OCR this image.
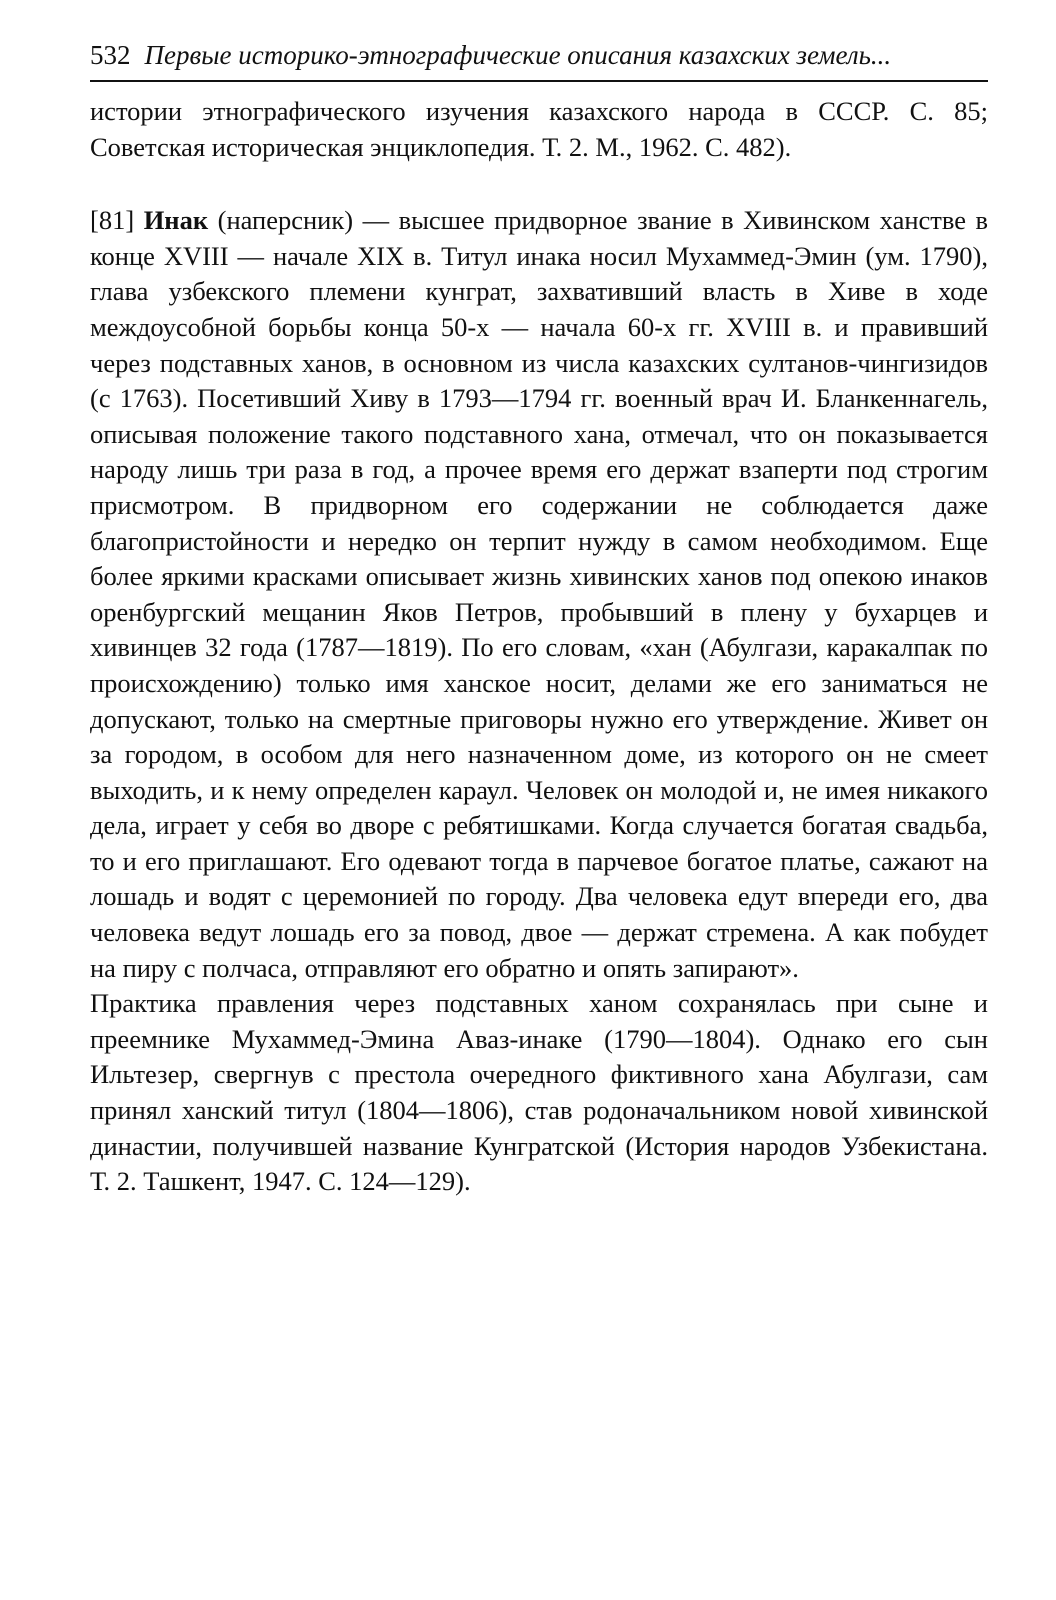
532 Первые историко-этнографические описания казахских земель...

истории этнографического изучения казахского народа в СССР. С. 85; Советская историческая энциклопедия. Т. 2. М., 1962. С. 482).

[81] Инак (наперсник) — высшее придворное звание в Хивинском ханстве в конце XVIII — начале XIX в. Титул инака носил Мухаммед-Эмин (ум. 1790), глава узбекского племени кунграт, захвативший власть в Хиве в ходе междоусобной борьбы конца 50-х — начала 60-х гг. XVIII в. и правивший через подставных ханов, в основном из числа казахских султанов-чингизидов (с 1763). Посетивший Хиву в 1793—1794 гг. военный врач И. Бланкеннагель, описывая положение такого подставного хана, отмечал, что он показывается народу лишь три раза в год, а прочее время его держат взаперти под строгим присмотром. В придворном его содержании не соблюдается даже благопристойности и нередко он терпит нужду в самом необходимом. Еще более яркими красками описывает жизнь хивинских ханов под опекою инаков оренбургский мещанин Яков Петров, пробывший в плену у бухарцев и хивинцев 32 года (1787—1819). По его словам, «хан (Абулгази, каракалпак по происхождению) только имя ханское носит, делами же его заниматься не допускают, только на смертные приговоры нужно его утверждение. Живет он за городом, в особом для него назначенном доме, из которого он не смеет выходить, и к нему определен караул. Человек он молодой и, не имея никакого дела, играет у себя во дворе с ребятишками. Когда случается богатая свадьба, то и его приглашают. Его одевают тогда в парчевое богатое платье, сажают на лошадь и водят с церемонией по городу. Два человека едут впереди его, два человека ведут лошадь его за повод, двое — держат стремена. А как побудет на пиру с полчаса, отправляют его обратно и опять запирают».

Практика правления через подставных ханом сохранялась при сыне и преемнике Мухаммед-Эмина Аваз-инаке (1790—1804). Однако его сын Ильтезер, свергнув с престола очередного фиктивного хана Абулгази, сам принял ханский титул (1804—1806), став родоначальником новой хивинской династии, получившей название Кунгратской (История народов Узбекистана. Т. 2. Ташкент, 1947. С. 124—129).
